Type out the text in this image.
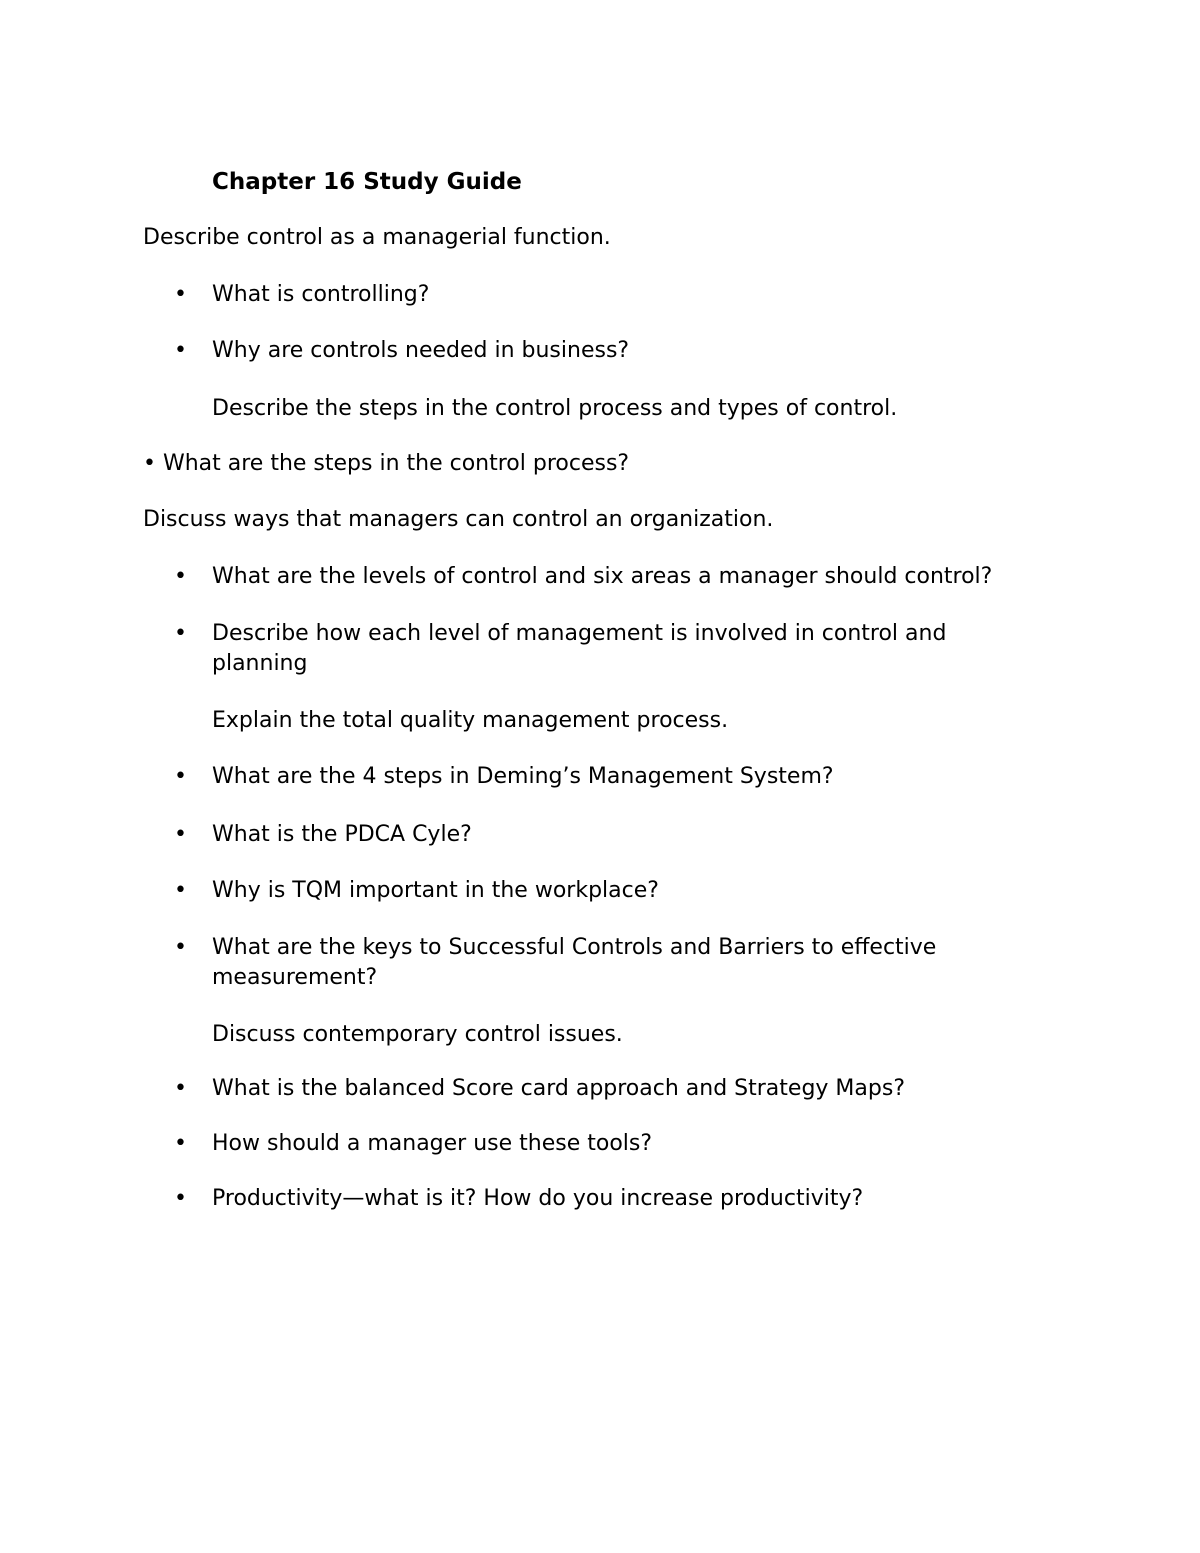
Chapter 16 Study Guide
Describe control as a managerial function.
• What is controlling?
• Why are controls needed in business?
Describe the steps in the control process and types of control.
• What are the steps in the control process?
Discuss ways that managers can control an organization.
• What are the levels of control and six areas a manager should control?
• Describe how each level of management is involved in control and planning
Explain the total quality management process.
• What are the 4 steps in Deming’s Management System?
• What is the PDCA Cyle?
• Why is TQM important in the workplace?
• What are the keys to Successful Controls and Barriers to effective measurement?
Discuss contemporary control issues.
• What is the balanced Score card approach and Strategy Maps?
• How should a manager use these tools?
• Productivity—what is it? How do you increase productivity?
